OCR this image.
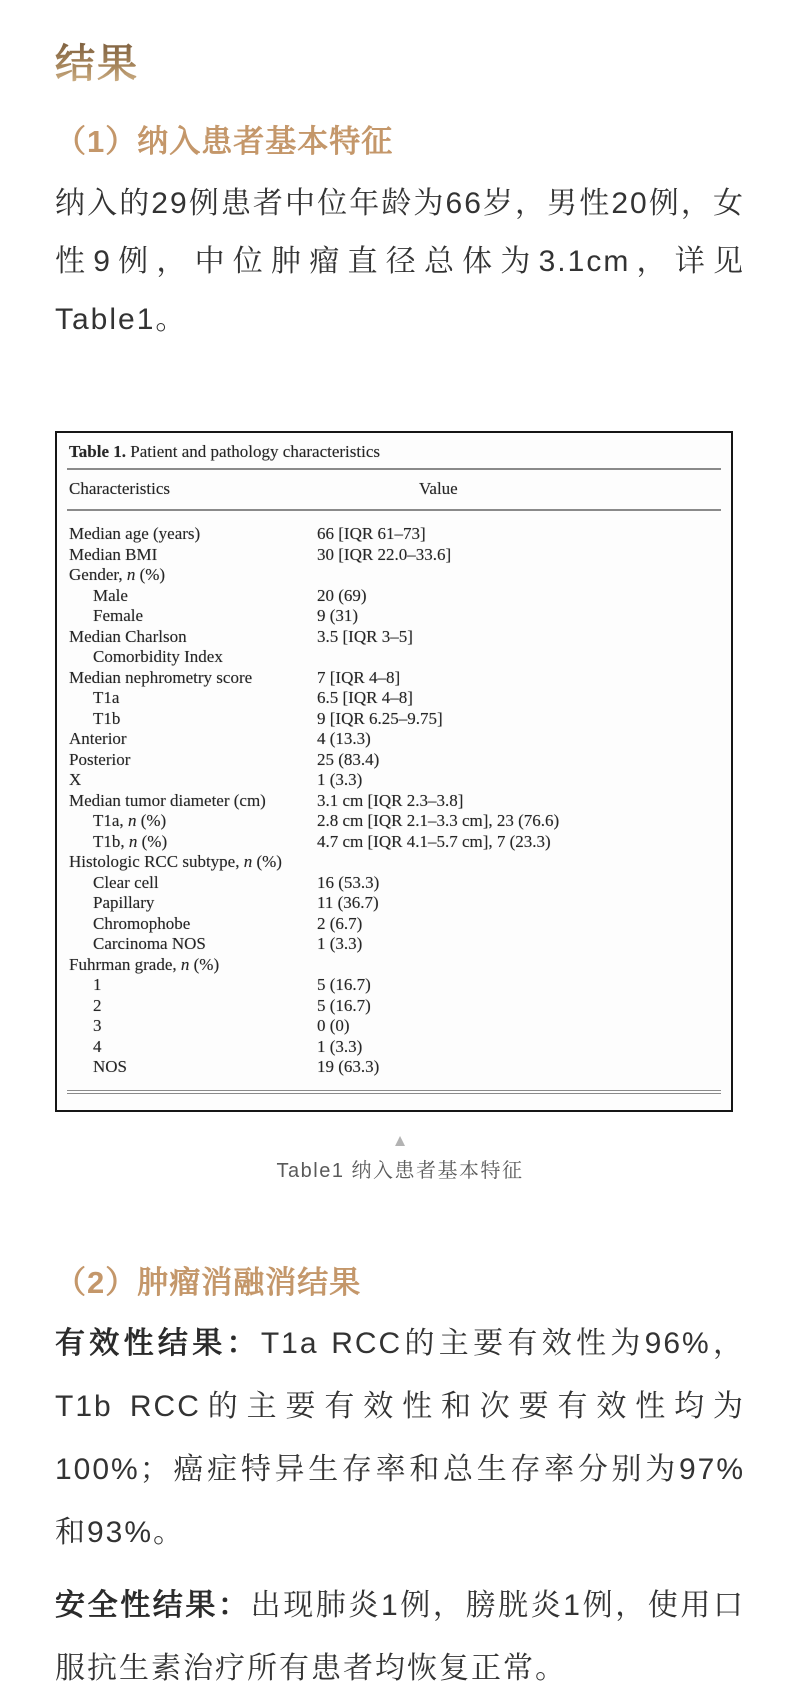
结果
（1）纳入患者基本特征

纳入的29例患者中位年龄为66岁，男性20例，女性9例，中位肿瘤直径总体为3.1cm，详见Table1。

Table 1. Patient and pathology characteristics
Characteristics	Value
Median age (years)	66 [IQR 61–73]
Median BMI	30 [IQR 22.0–33.6]
Gender, n (%)
Male	20 (69)
Female	9 (31)
Median Charlson	3.5 [IQR 3–5]
Comorbidity Index
Median nephrometry score	7 [IQR 4–8]
T1a	6.5 [IQR 4–8]
T1b	9 [IQR 6.25–9.75]
Anterior	4 (13.3)
Posterior	25 (83.4)
X	1 (3.3)
Median tumor diameter (cm)	3.1 cm [IQR 2.3–3.8]
T1a, n (%)	2.8 cm [IQR 2.1–3.3 cm], 23 (76.6)
T1b, n (%)	4.7 cm [IQR 4.1–5.7 cm], 7 (23.3)
Histologic RCC subtype, n (%)
Clear cell	16 (53.3)
Papillary	11 (36.7)
Chromophobe	2 (6.7)
Carcinoma NOS	1 (3.3)
Fuhrman grade, n (%)
1	5 (16.7)
2	5 (16.7)
3	0 (0)
4	1 (3.3)
NOS	19 (63.3)
▲
Table1 纳入患者基本特征
（2）肿瘤消融消结果

有效性结果：T1a RCC的主要有效性为96%，T1b RCC的主要有效性和次要有效性均为100%；癌症特异生存率和总生存率分别为97%和93%。

安全性结果：出现肺炎1例，膀胱炎1例，使用口服抗生素治疗所有患者均恢复正常。
